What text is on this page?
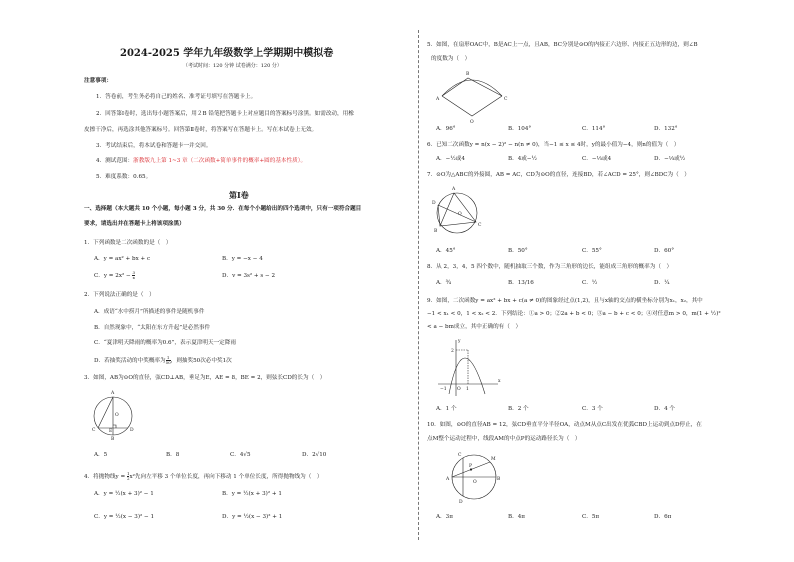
2024-2025 学年九年级数学上学期期中模拟卷
（考试时间：120 分钟 试卷满分：120 分）
注意事项：
1．答卷前，考生务必将自己的姓名、准考证号填写在答题卡上。
2．回答第Ⅰ卷时，选出每小题答案后，用２B 铅笔把答题卡上对应题目的答案标号涂黑。如需改动，用橡
皮擦干净后，再选涂其他答案标号。回答第Ⅱ卷时，将答案写在答题卡上。写在本试卷上无效。
3．考试结束后，将本试卷和答题卡一并交回。
4．测试范围：浙教版九上第 1~3 章（二次函数+简单事件的概率+圆的基本性质）。
5．难度系数：0.65。
第Ⅰ卷
一、选择题（本大题共 10 个小题，每小题 3 分，共 30 分．在每个小题给出的四个选项中，只有一项符合题目
要求，请选出并在答题卡上将该项涂黑）
1．下列函数是二次函数的是（　）
A．y = ax² + bx + c	B．y = −x − 4
C．$y = 2x^2 - \frac{3}{x}$	D．v = 3s² + s − 2
2．下列说法正确的是（　）
A．成语“水中捞月”所描述的事件是随机事件
B．自然现象中，“太阳在东方升起”是必然事件
C．“夏津明天降雨的概率为0.6”，表示夏津明天一定降雨
D．若抽奖活动的中奖概率为 $\frac{1}{50}$ ，则抽奖50次必中奖1次
3．如图，AB为⊙O的直径，弦CD⊥AB，垂足为E，AE = 8，BE = 2，则弦长CD的长为（　）
A
O
C	E	D
B
A．5	B．8	C．4√5	D．2√10
4．将抛物线$y = \frac{1}{2} x^2$先向左平移 3 个单位长度，再向下移动 1 个单位长度，所得抛物线为（　）
A．y = ½(x + 3)² − 1	B．y = ½(x + 3)² + 1
C．y = ½(x − 3)² − 1	D．y = ½(x − 3)² + 1
5．如图，在扇形OAC中，B是AC上一点，且AB，BC分别是⊙O的内接正六边形、内接正五边形的边，则∠B
的度数为（　）
B
A	C
O
A．96°	B．104°	C．114°	D．132°
6．已知二次函数y = n(x − 2)² − n(n ≠ 0)，当−1 ≤ x ≤ 4时，y的最小值为−4，则n的值为（　）
A．−½或4	B．4或−½	C．−⅓或4	D．−⅓或½
7．⊙O为△ABC的外接圆，AB = AC，CD为⊙O的直径，连接BD，若∠ACD = 25°，则∠BDC为（　）
A
D
O
B
C
A．45°	B．50°	C．55°	D．60°
8．从 2，3，4，5 四个数中，随机抽取三个数，作为三角形的边长，能组成三角形的概率为（　）
A．¾	B．13/16	C．½	D．¼
9．如图，二次函数y = ax² + bx + c(a ≠ 0)的图象经过点(1,2)，且与x轴的交点的横坐标分别为x₁，x₂，其中
−1 < x₁ < 0，1 < x₂ < 2．下列结论：①a > 0；②2a + b < 0；③a − b + c < 0；④对任意m > 0，m(1 + ½)²
< a − bm成立，其中正确的有（　）
y
2
x
O
−1	1
A．1 个	B．2 个	C．3 个	D．4 个
10．如图，⊙O的直径AB = 12，弦CD垂直平分半径OA，动点M从点C出发在优弧CBD上运动到点D停止，在
点M整个运动过程中，线段AM的中点P的运动路径长为（　）
C
A
P
O
B
D
M
A．3π	B．4π	C．5π	D．6π
